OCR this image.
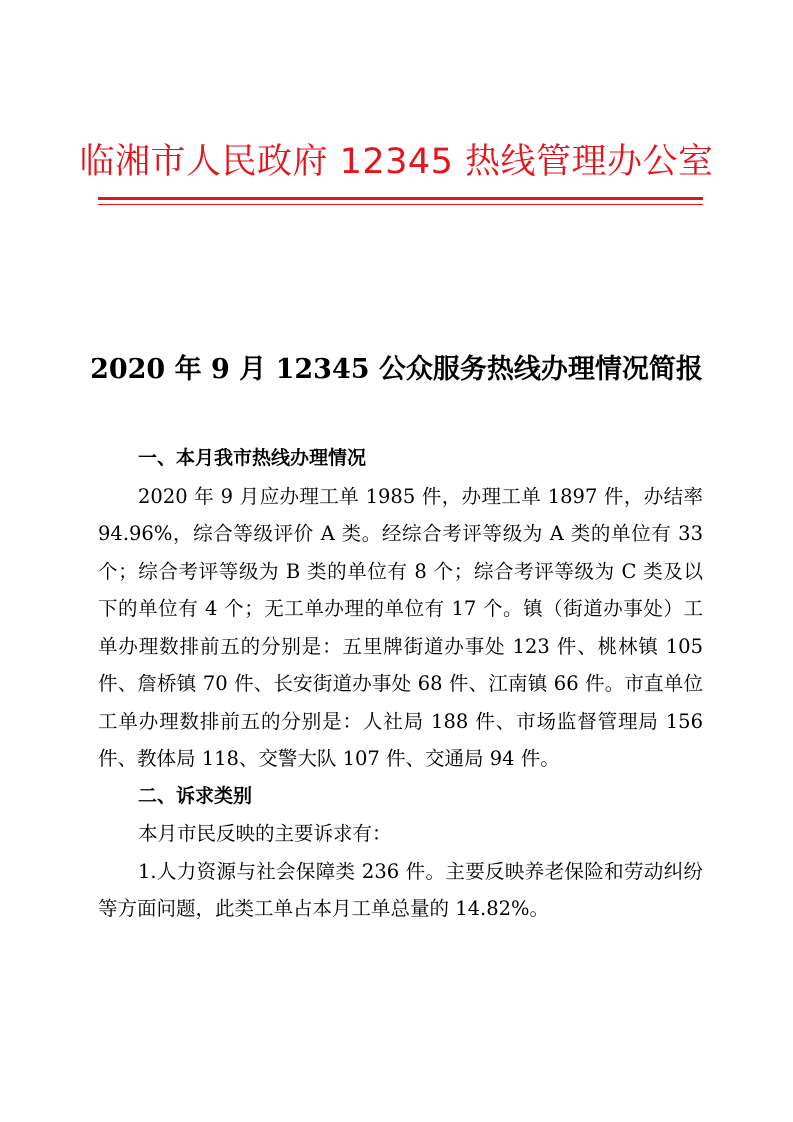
临湘市人民政府 12345 热线管理办公室
2020 年 9 月 12345 公众服务热线办理情况简报

一、本月我市热线办理情况

2020 年 9 月应办理工单 1985 件，办理工单 1897 件，办结率 94.96%，综合等级评价 A 类。经综合考评等级为 A 类的单位有 33 个；综合考评等级为 B 类的单位有 8 个；综合考评等级为 C 类及以下的单位有 4 个；无工单办理的单位有 17 个。镇（街道办事处）工单办理数排前五的分别是：五里牌街道办事处 123 件、桃林镇 105 件、詹桥镇 70 件、长安街道办事处 68 件、江南镇 66 件。市直单位工单办理数排前五的分别是：人社局 188 件、市场监督管理局 156 件、教体局 118、交警大队 107 件、交通局 94 件。

二、诉求类别

本月市民反映的主要诉求有：

1.人力资源与社会保障类 236 件。主要反映养老保险和劳动纠纷等方面问题，此类工单占本月工单总量的 14.82%。
